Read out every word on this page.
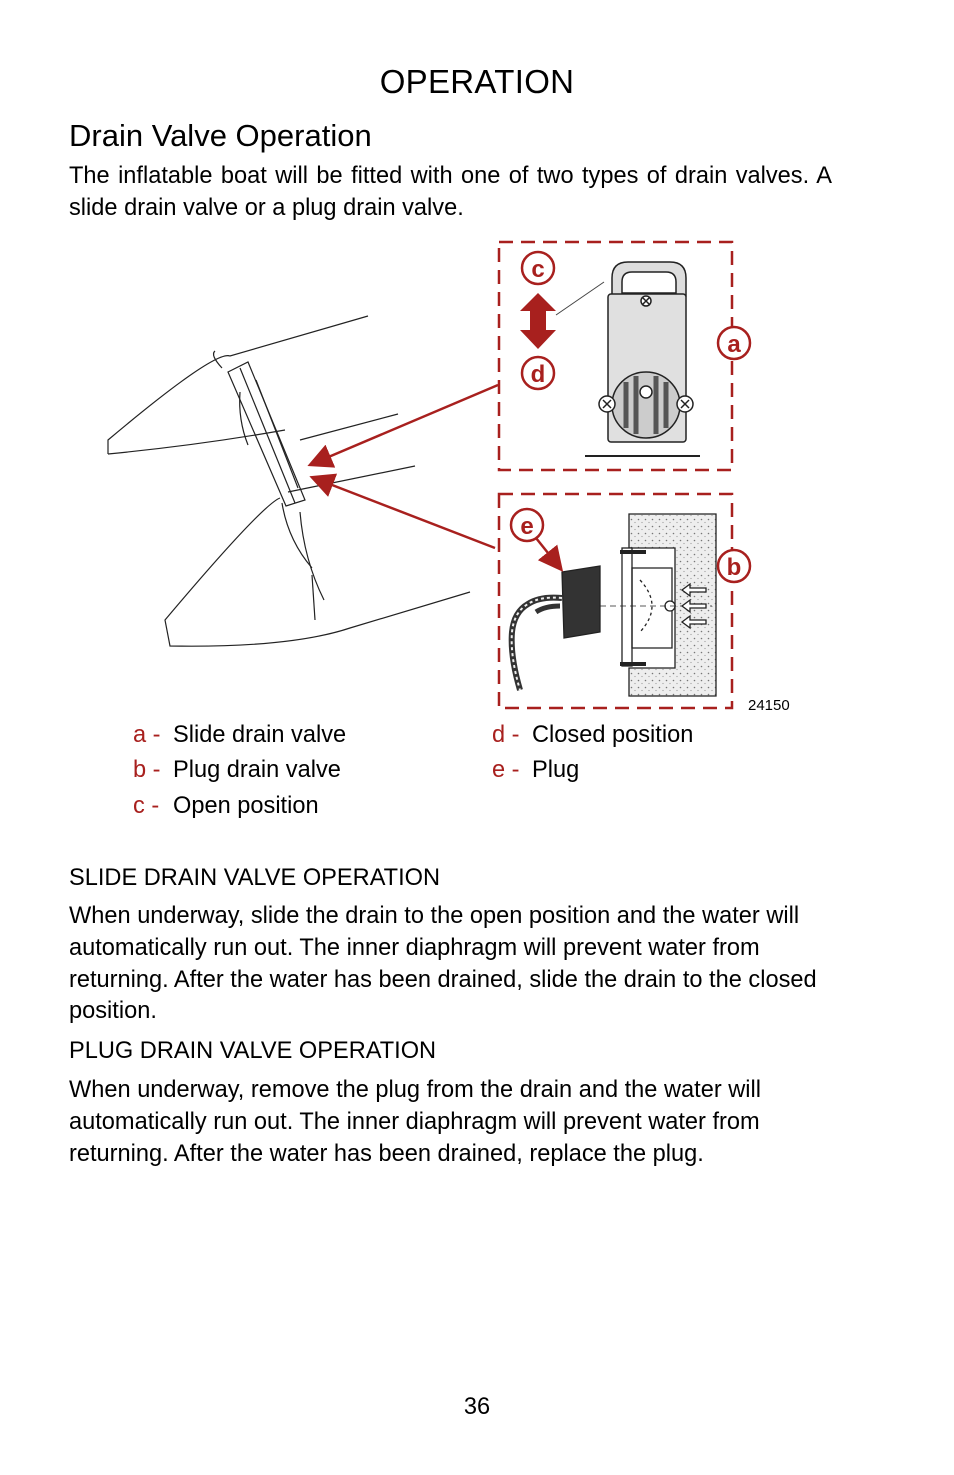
OPERATION
Drain Valve Operation
The inflatable boat will be fitted with one of two types of drain valves. A slide drain valve or a plug drain valve.
c
d
a
e
b
24150
a - Slide drain valve
b - Plug drain valve
c - Open position
d - Closed position
e - Plug
SLIDE DRAIN VALVE OPERATION
When underway, slide the drain to the open position and the water will automatically run out. The inner diaphragm will prevent water from returning. After the water has been drained, slide the drain to the closed position.
PLUG DRAIN VALVE OPERATION
When underway, remove the plug from the drain and the water will automatically run out. The inner diaphragm will prevent water from returning. After the water has been drained, replace the plug.
36
